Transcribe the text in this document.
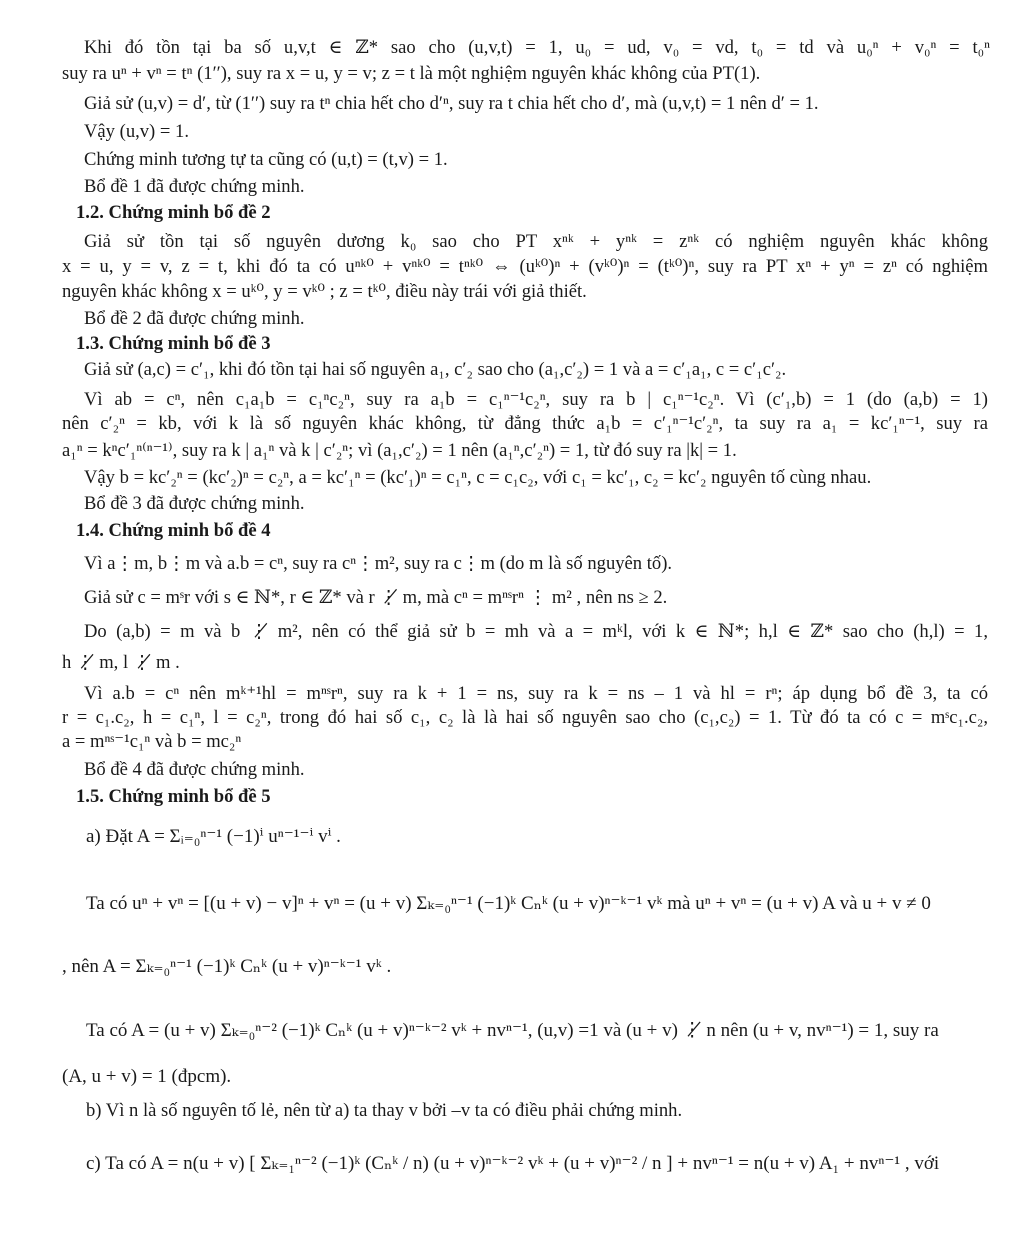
Khi đó tồn tại ba số u,v,t ∈ ℤ* sao cho (u,v,t) = 1, u₀ = ud, v₀ = vd, t₀ = td và u₀ⁿ + v₀ⁿ = t₀ⁿ
suy ra uⁿ + vⁿ = tⁿ (1′′), suy ra x = u, y = v; z = t là một nghiệm nguyên khác không của PT(1).
Giả sử (u,v) = d′, từ (1′′) suy ra tⁿ chia hết cho d′ⁿ, suy ra t chia hết cho d′, mà (u,v,t) = 1 nên d′ = 1.
Vậy (u,v) = 1.
Chứng minh tương tự ta cũng có (u,t) = (t,v) = 1.
Bổ đề 1 đã được chứng minh.
1.2. Chứng minh bổ đề 2
Giả sử tồn tại số nguyên dương k₀ sao cho PT xⁿᵏ + yⁿᵏ = zⁿᵏ có nghiệm nguyên khác không
x = u, y = v, z = t, khi đó ta có uⁿᵏ⁰ + vⁿᵏ⁰ = tⁿᵏ⁰ ⇔ (uᵏ⁰)ⁿ + (vᵏ⁰)ⁿ = (tᵏ⁰)ⁿ, suy ra PT xⁿ + yⁿ = zⁿ có nghiệm
nguyên khác không x = uᵏ⁰, y = vᵏ⁰ ; z = tᵏ⁰, điều này trái với giả thiết.
Bổ đề 2 đã được chứng minh.
1.3. Chứng minh bổ đề 3
Giả sử (a,c) = c′₁, khi đó tồn tại hai số nguyên a₁, c′₂ sao cho (a₁,c′₂) = 1 và a = c′₁a₁, c = c′₁c′₂.
Vì ab = cⁿ, nên c₁a₁b = c₁ⁿc₂ⁿ, suy ra a₁b = c₁ⁿ⁻¹c₂ⁿ, suy ra b | c₁ⁿ⁻¹c₂ⁿ. Vì (c′₁,b) = 1 (do (a,b) = 1)
nên c′₂ⁿ = kb, với k là số nguyên khác không, từ đẳng thức a₁b = c′₁ⁿ⁻¹c′₂ⁿ, ta suy ra a₁ = kc′₁ⁿ⁻¹, suy ra
a₁ⁿ = kⁿc′₁ⁿ⁽ⁿ⁻¹⁾, suy ra k | a₁ⁿ và k | c′₂ⁿ; vì (a₁,c′₂) = 1 nên (a₁ⁿ,c′₂ⁿ) = 1, từ đó suy ra |k| = 1.
Vậy b = kc′₂ⁿ = (kc′₂)ⁿ = c₂ⁿ, a = kc′₁ⁿ = (kc′₁)ⁿ = c₁ⁿ, c = c₁c₂, với c₁ = kc′₁, c₂ = kc′₂ nguyên tố cùng nhau.
Bổ đề 3 đã được chứng minh.
1.4. Chứng minh bổ đề 4
Vì a⋮m, b⋮m và a.b = cⁿ, suy ra cⁿ⋮m², suy ra c⋮m (do m là số nguyên tố).
Giả sử c = mˢr với s ∈ ℕ*, r ∈ ℤ* và r ⋮̸ m, mà cⁿ = mⁿˢrⁿ ⋮ m² , nên ns ≥ 2.
Do (a,b) = m và b ⋮̸ m², nên có thể giả sử b = mh và a = mᵏl, với k ∈ ℕ*; h,l ∈ ℤ* sao cho (h,l) = 1,
h ⋮̸ m, l ⋮̸ m .
Vì a.b = cⁿ nên mᵏ⁺¹hl = mⁿˢrⁿ, suy ra k + 1 = ns, suy ra k = ns – 1 và hl = rⁿ; áp dụng bổ đề 3, ta có
r = c₁.c₂, h = c₁ⁿ, l = c₂ⁿ, trong đó hai số c₁, c₂ là là hai số nguyên sao cho (c₁,c₂) = 1. Từ đó ta có c = mˢc₁.c₂,
a = mⁿˢ⁻¹c₁ⁿ và b = mc₂ⁿ
Bổ đề 4 đã được chứng minh.
1.5. Chứng minh bổ đề 5
a) Đặt A = Σᵢ₌₀ⁿ⁻¹ (−1)ⁱ uⁿ⁻¹⁻ⁱ vⁱ .
Ta có uⁿ + vⁿ = [(u + v) − v]ⁿ + vⁿ = (u + v) Σₖ₌₀ⁿ⁻¹ (−1)ᵏ Cₙᵏ (u + v)ⁿ⁻ᵏ⁻¹ vᵏ mà uⁿ + vⁿ = (u + v) A và u + v ≠ 0
, nên A = Σₖ₌₀ⁿ⁻¹ (−1)ᵏ Cₙᵏ (u + v)ⁿ⁻ᵏ⁻¹ vᵏ .
Ta có A = (u + v) Σₖ₌₀ⁿ⁻² (−1)ᵏ Cₙᵏ (u + v)ⁿ⁻ᵏ⁻² vᵏ + nvⁿ⁻¹, (u,v) =1 và (u + v) ⋮̸ n nên (u + v, nvⁿ⁻¹) = 1, suy ra
(A, u + v) = 1 (đpcm).
b) Vì n là số nguyên tố lẻ, nên từ a) ta thay v bởi –v ta có điều phải chứng minh.
c) Ta có A = n(u + v) [ Σₖ₌₁ⁿ⁻² (−1)ᵏ (Cₙᵏ / n) (u + v)ⁿ⁻ᵏ⁻² vᵏ + (u + v)ⁿ⁻² / n ] + nvⁿ⁻¹ = n(u + v) A₁ + nvⁿ⁻¹ , với
